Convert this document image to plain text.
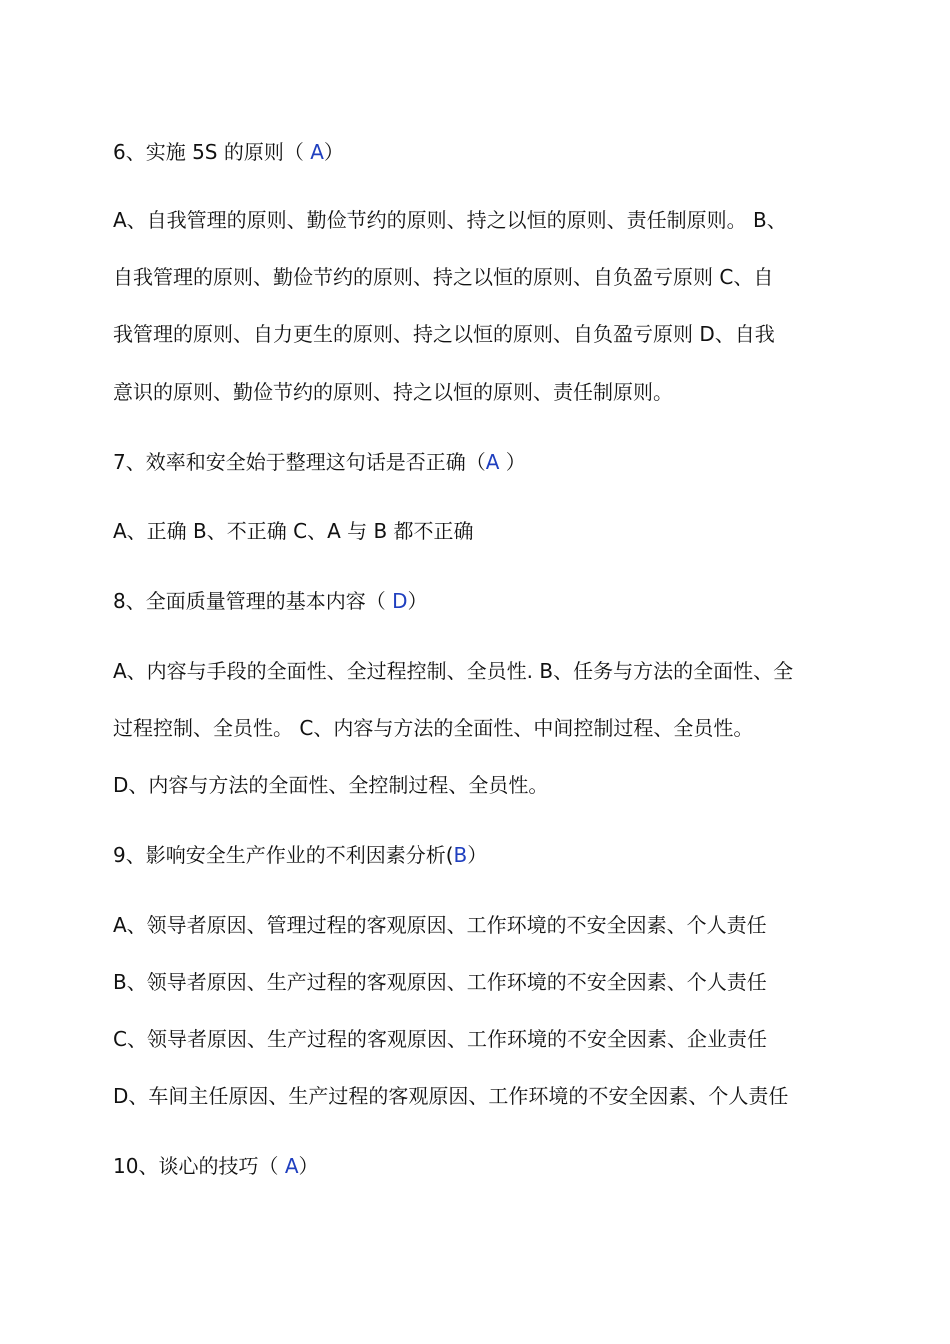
6、实施 5S 的原则（ A）
A、自我管理的原则、勤俭节约的原则、持之以恒的原则、责任制原则。 B、
自我管理的原则、勤俭节约的原则、持之以恒的原则、自负盈亏原则 C、自
我管理的原则、自力更生的原则、持之以恒的原则、自负盈亏原则 D、自我
意识的原则、勤俭节约的原则、持之以恒的原则、责任制原则。
7、效率和安全始于整理这句话是否正确（A ）
A、正确 B、不正确 C、A 与 B 都不正确
8、全面质量管理的基本内容（ D）
A、内容与手段的全面性、全过程控制、全员性. B、任务与方法的全面性、全
过程控制、全员性。 C、内容与方法的全面性、中间控制过程、全员性。
D、内容与方法的全面性、全控制过程、全员性。
9、影响安全生产作业的不利因素分析(B）
A、领导者原因、管理过程的客观原因、工作环境的不安全因素、个人责任
B、领导者原因、生产过程的客观原因、工作环境的不安全因素、个人责任
C、领导者原因、生产过程的客观原因、工作环境的不安全因素、企业责任
D、车间主任原因、生产过程的客观原因、工作环境的不安全因素、个人责任
10、谈心的技巧（ A）
